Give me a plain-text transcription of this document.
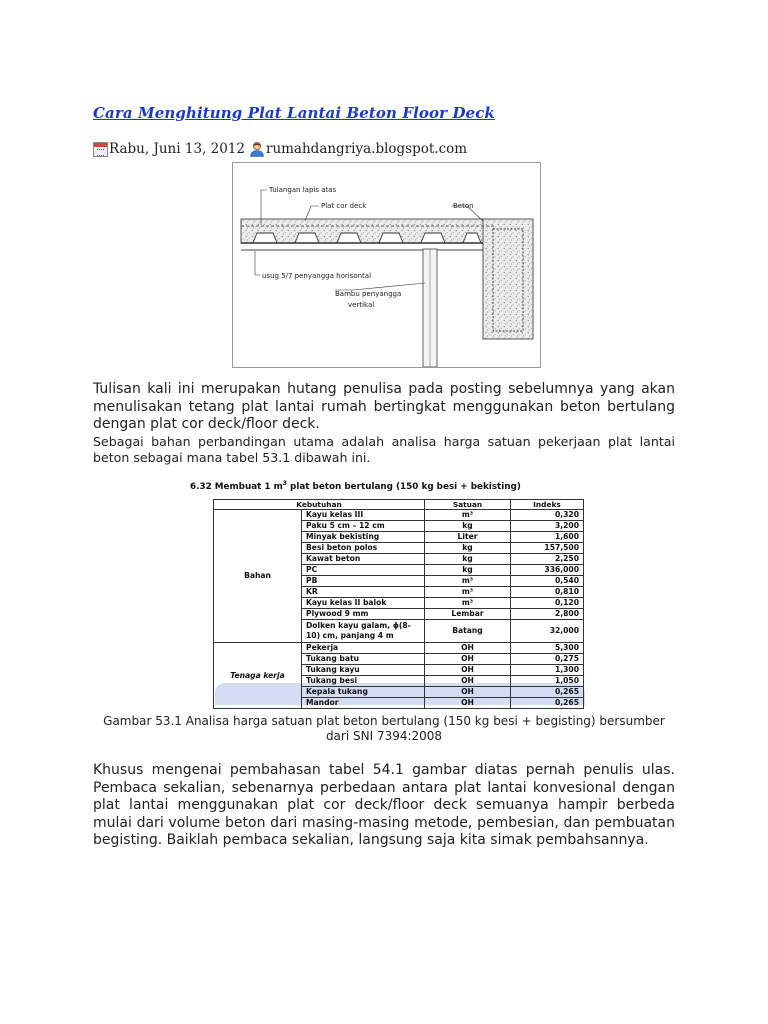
Cara Menghitung Plat Lantai Beton Floor Deck
Rabu, Juni 13, 2012 rumahdangriya.blogspot.com
Tulangan lapis atas
Plat cor deck	Beton
usug 5/7 penyangga horisontal
Bambu penyangga
vertikal
Tulisan kali ini merupakan hutang penulisa pada posting sebelumnya yang akan menulisakan tetang plat lantai rumah bertingkat menggunakan beton bertulang dengan plat cor deck/floor deck.
Sebagai bahan perbandingan utama adalah analisa harga satuan pekerjaan plat lantai beton sebagai mana tabel 53.1 dibawah ini.
6.32 Membuat 1 $m^3$ plat beton bertulang (150 kg besi + bekisting)
Kebutuhan		Satuan	Indeks
Bahan	Kayu kelas III	m³	0,320
	Paku 5 cm – 12 cm	kg	3,200
	Minyak bekisting	Liter	1,600
	Besi beton polos	kg	157,500
	Kawat beton	kg	2,250
	PC	kg	336,000
	PB	m³	0,540
	KR	m³	0,810
	Kayu kelas II balok	m³	0,120
	Plywood 9 mm	Lembar	2,800
	Dolken kayu galam, ϕ(8-10) cm, panjang 4 m	Batang	32,000
Tenaga kerja	Pekerja	OH	5,300
	Tukang batu	OH	0,275
	Tukang kayu	OH	1,300
	Tukang besi	OH	1,050
	Kepala tukang	OH	0,265
	Mandor	OH	0,265
Gambar 53.1 Analisa harga satuan plat beton bertulang (150 kg besi + begisting) bersumber
dari SNI 7394:2008
Khusus mengenai pembahasan tabel 54.1 gambar diatas pernah penulis ulas. Pembaca sekalian, sebenarnya perbedaan antara plat lantai konvesional dengan plat lantai menggunakan plat cor deck/floor deck semuanya hampir berbeda mulai dari volume beton dari masing-masing metode, pembesian, dan pembuatan begisting. Baiklah pembaca sekalian, langsung saja kita simak pembahsannya.
